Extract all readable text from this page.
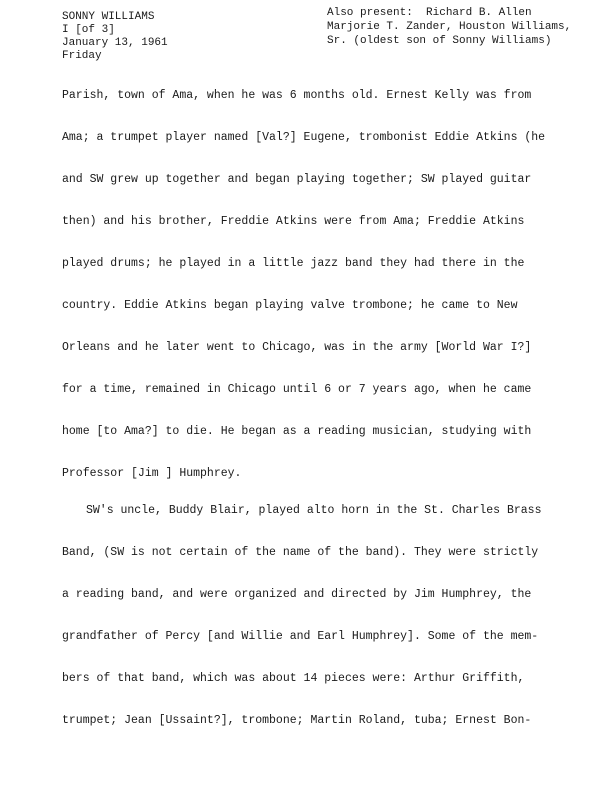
SONNY WILLIAMS
I [of 3]
January 13, 1961
Friday
Also present:  Richard B. Allen
Marjorie T. Zander, Houston Williams,
Sr. (oldest son of Sonny Williams)
Parish, town of Ama, when he was 6 months old. Ernest Kelly was from
Ama; a trumpet player named [Val?] Eugene, trombonist Eddie Atkins (he
and SW grew up together and began playing together; SW played guitar
then) and his brother, Freddie Atkins were from Ama; Freddie Atkins
played drums; he played in a little jazz band they had there in the
country. Eddie Atkins began playing valve trombone; he came to New
Orleans and he later went to Chicago, was in the army [World War I?]
for a time, remained in Chicago until 6 or 7 years ago, when he came
home [to Ama?] to die. He began as a reading musician, studying with
Professor [Jim ] Humphrey.
SW's uncle, Buddy Blair, played alto horn in the St. Charles Brass
Band, (SW is not certain of the name of the band). They were strictly
a reading band, and were organized and directed by Jim Humphrey, the
grandfather of Percy [and Willie and Earl Humphrey]. Some of the mem-
bers of that band, which was about 14 pieces were: Arthur Griffith,
trumpet; Jean [Ussaint?], trombone; Martin Roland, tuba; Ernest Bon-
